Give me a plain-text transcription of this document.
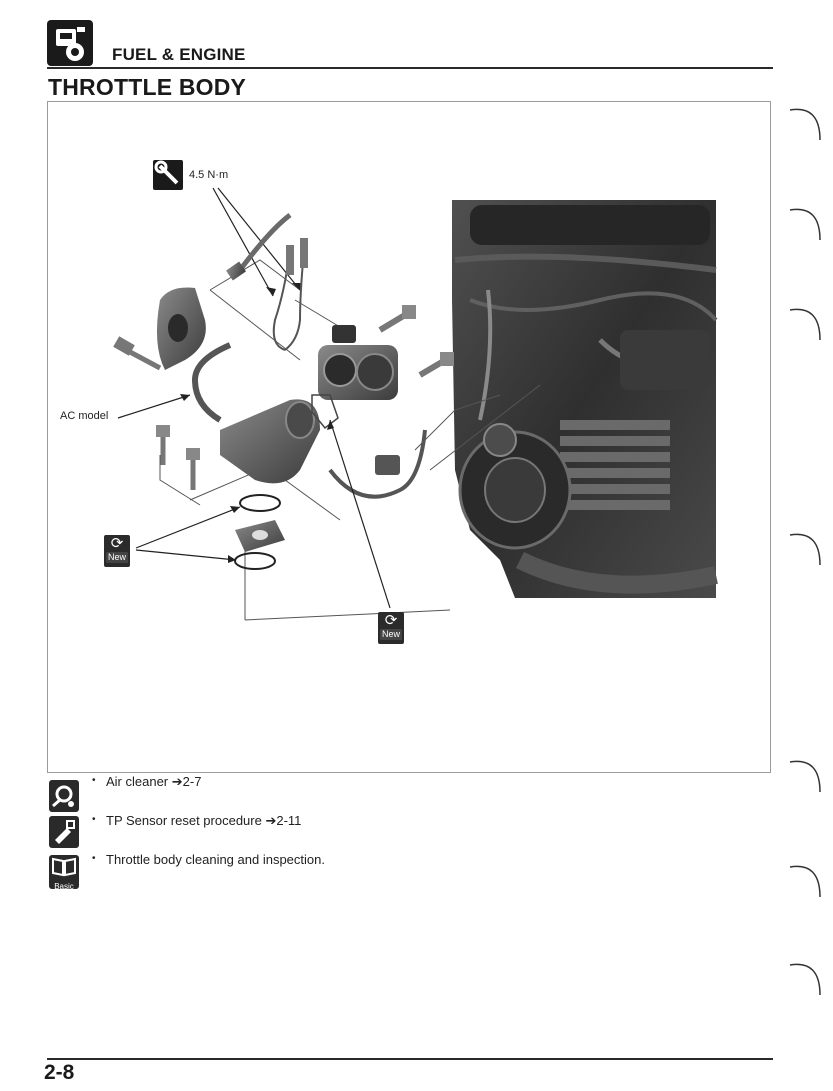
FUEL & ENGINE
THROTTLE BODY
4.5 N·m
AC model
⟳
New
⟳
New
• Air cleaner ➔2-7
• TP Sensor reset procedure ➔2-11
Basic
• Throttle body cleaning and inspection.
2-8
